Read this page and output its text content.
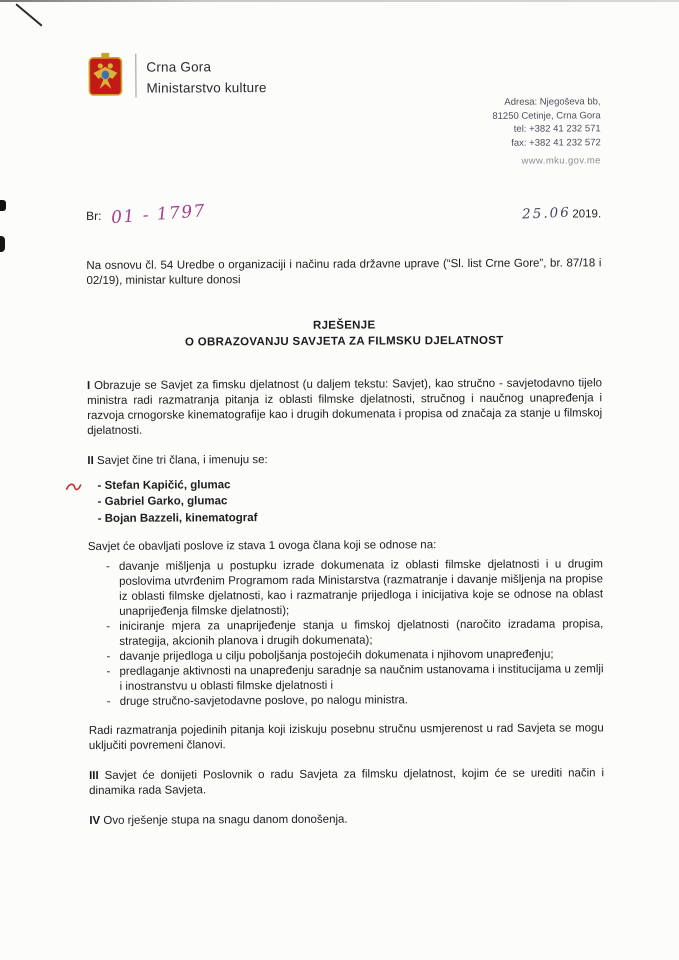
Crna Gora
Ministarstvo kulture
Adresa: Njegoševa bb,
81250 Cetinje, Crna Gora
tel: +382 41 232 571
fax: +382 41 232 572
www.mku.gov.me
Br: 01 - 1797	25.06 2019.

Na osnovu čl. 54 Uredbe o organizaciji i načinu rada državne uprave (“Sl. list Crne Gore”, br. 87/18 i 02/19), ministar kulture donosi

RJEŠENJE
O OBRAZOVANJU SAVJETA ZA FILMSKU DJELATNOST

I Obrazuje se Savjet za fimsku djelatnost (u daljem tekstu: Savjet), kao stručno - savjetodavno tijelo ministra radi razmatranja pitanja iz oblasti filmske djelatnosti, stručnog i naučnog unapređenja i razvoja crnogorske kinematografije kao i drugih dokumenata i propisa od značaja za stanje u filmskoj djelatnosti.

II Savjet čine tri člana, i imenuju se:

- Stefan Kapičić, glumac
- Gabriel Garko, glumac
- Bojan Bazzeli, kinematograf

Savjet će obavljati poslove iz stava 1 ovoga člana koji se odnose na:

- davanje mišljenja u postupku izrade dokumenata iz oblasti filmske djelatnosti i u drugim poslovima utvrđenim Programom rada Ministarstva (razmatranje i davanje mišljenja na propise iz oblasti filmske djelatnosti, kao i razmatranje prijedloga i inicijativa koje se odnose na oblast unaprijeđenja filmske djelatnosti);
- iniciranje mjera za unaprijeđenje stanja u fimskoj djelatnosti (naročito izradama propisa, strategija, akcionih planova i drugih dokumenata);
- davanje prijedloga u cilju poboljšanja postojećih dokumenata i njihovom unapređenju;
- predlaganje aktivnosti na unapređenju saradnje sa naučnim ustanovama i institucijama u zemlji i inostranstvu u oblasti filmske djelatnosti i
- druge stručno-savjetodavne poslove, po nalogu ministra.

Radi razmatranja pojedinih pitanja koji iziskuju posebnu stručnu usmjerenost u rad Savjeta se mogu uključiti povremeni članovi.

III Savjet će donijeti Poslovnik o radu Savjeta za filmsku djelatnost, kojim će se urediti način i dinamika rada Savjeta.

IV Ovo rješenje stupa na snagu danom donošenja.
